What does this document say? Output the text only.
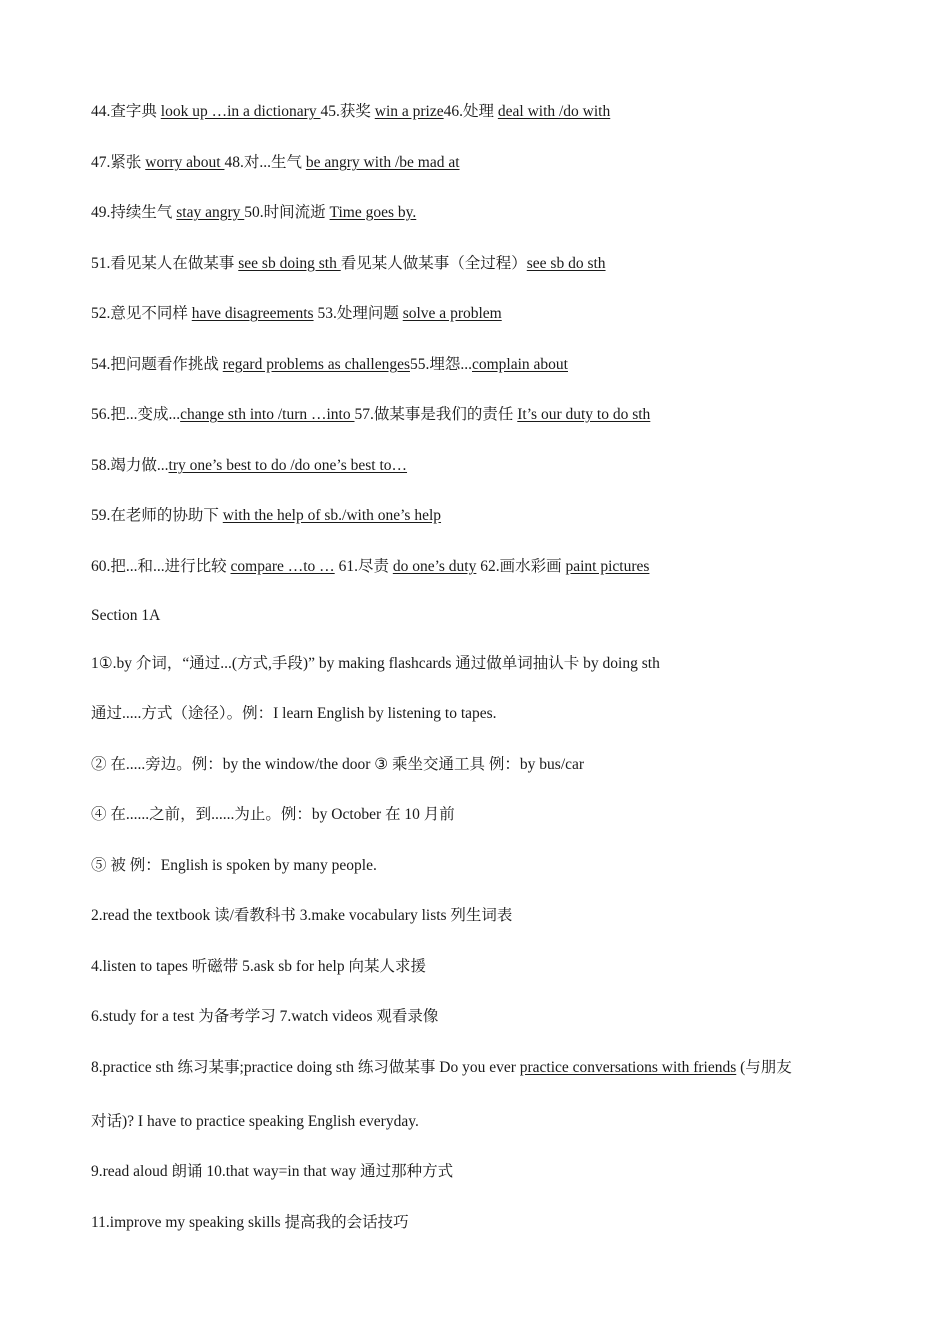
44.查字典 look up …in a dictionary 45.获奖 win a prize46.处理 deal with /do with
47.紧张 worry about 48.对...生气 be angry with /be mad at
49.持续生气 stay angry 50.时间流逝 Time goes by.
51.看见某人在做某事 see sb doing sth 看见某人做某事（全过程）see sb do sth
52.意见不同样 have disagreements 53.处理问题 solve a problem
54.把问题看作挑战 regard problems as challenges55.埋怨...complain about
56.把...变成...change sth into /turn …into 57.做某事是我们的责任 It’s our duty to do sth
58.竭力做...try one’s best to do /do one’s best to…
59.在老师的协助下 with the help of sb./with one’s help
60.把...和...进行比较 compare …to … 61.尽责 do one’s duty 62.画水彩画 paint pictures
Section 1A
1①.by 介词，“通过...(方式,手段)” by making flashcards 通过做单词抽认卡 by doing sth
通过.....方式（途径）。例：I learn English by listening to tapes.
② 在.....旁边。例：by the window/the door ③ 乘坐交通工具 例：by bus/car
④ 在......之前，到......为止。例：by October 在 10 月前
⑤ 被 例：English is spoken by many people.
2.read the textbook 读/看教科书 3.make vocabulary lists 列生词表
4.listen to tapes 听磁带 5.ask sb for help 向某人求援
6.study for a test 为备考学习 7.watch videos 观看录像
8.practice sth 练习某事;practice doing sth 练习做某事 Do you ever practice conversations with friends (与朋友
对话)? I have to practice speaking English everyday.
9.read aloud 朗诵 10.that way=in that way 通过那种方式
11.improve my speaking skills 提高我的会话技巧
